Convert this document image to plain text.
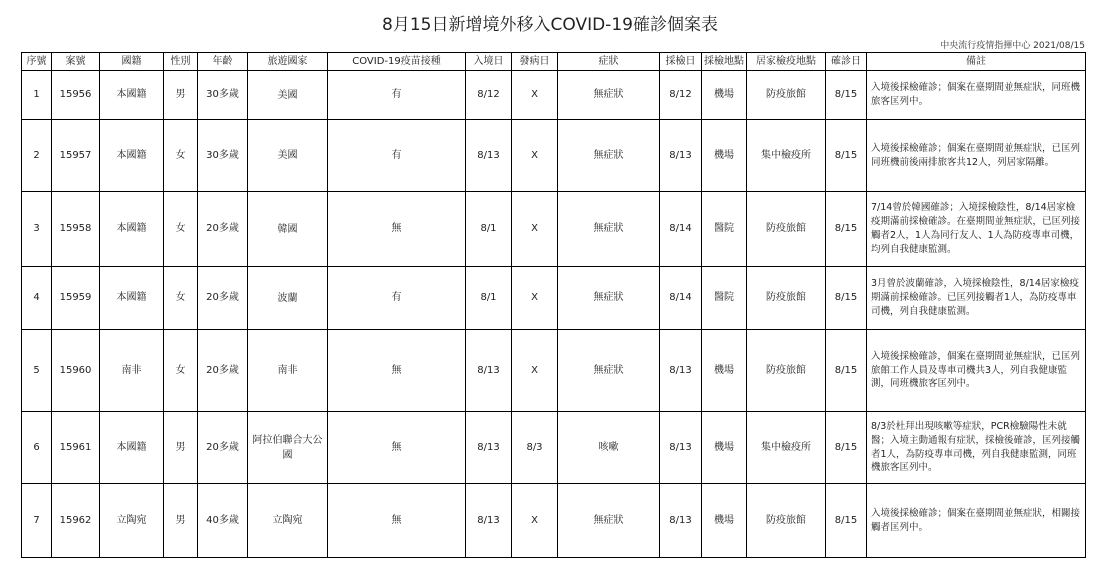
8月15日新增境外移入COVID-19確診個案表
中央流行疫情指揮中心 2021/08/15
序號	案號	國籍	性別	年齡	旅遊國家	COVID-19疫苗接種	入境日	發病日	症狀	採檢日	採檢地點	居家檢疫地點	確診日	備註
1	15956	本國籍	男	30多歲	美國	有	8/12	X	無症狀	8/12	機場	防疫旅館	8/15	入境後採檢確診；個案在臺期間並無症狀，同班機旅客匡列中。
2	15957	本國籍	女	30多歲	美國	有	8/13	X	無症狀	8/13	機場	集中檢疫所	8/15	入境後採檢確診；個案在臺期間並無症狀，已匡列同班機前後兩排旅客共12人，列居家隔離。
3	15958	本國籍	女	20多歲	韓國	無	8/1	X	無症狀	8/14	醫院	防疫旅館	8/15	7/14曾於韓國確診；入境採檢陰性，8/14居家檢疫期滿前採檢確診。在臺期間並無症狀，已匡列接觸者2人，1人為同行友人、1人為防疫專車司機，均列自我健康監測。
4	15959	本國籍	女	20多歲	波蘭	有	8/1	X	無症狀	8/14	醫院	防疫旅館	8/15	3月曾於波蘭確診，入境採檢陰性，8/14居家檢疫期滿前採檢確診。已匡列接觸者1人，為防疫專車司機，列自我健康監測。
5	15960	南非	女	20多歲	南非	無	8/13	X	無症狀	8/13	機場	防疫旅館	8/15	入境後採檢確診，個案在臺期間並無症狀，已匡列旅館工作人員及專車司機共3人，列自我健康監測，同班機旅客匡列中。
6	15961	本國籍	男	20多歲	阿拉伯聯合大公國	無	8/13	8/3	咳嗽	8/13	機場	集中檢疫所	8/15	8/3於杜拜出現咳嗽等症狀，PCR檢驗陽性未就醫；入境主動通報有症狀，採檢後確診，匡列接觸者1人，為防疫專車司機，列自我健康監測，同班機旅客匡列中。
7	15962	立陶宛	男	40多歲	立陶宛	無	8/13	X	無症狀	8/13	機場	防疫旅館	8/15	入境後採檢確診；個案在臺期間並無症狀，相關接觸者匡列中。
